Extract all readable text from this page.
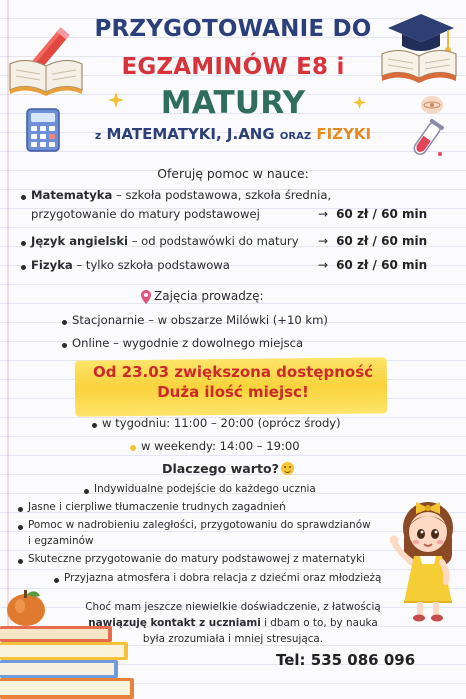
PRZYGOTOWANIE DO
EGZAMINÓW E8 i
MATURY
z MATEMATYKI, J.ANG ORAZ FIZYKI
Oferuję pomoc w nauce:
Matematyka – szkoła podstawowa, szkoła średnia,
przygotowanie do matury podstawowej	→ 60 zł / 60 min
Język angielski – od podstawówki do matury → 60 zł / 60 min
Fizyka – tylko szkoła podstawowa	→ 60 zł / 60 min
Zajęcia prowadzę:
Stacjonarnie – w obszarze Milówki (+10 km)
Online – wygodnie z dowolnego miejsca
Od 23.03 zwiększona dostępność
Duża ilość miejsc!
w tygodniu: 11:00 – 20:00 (oprócz środy)
w weekendy: 14:00 – 19:00
Dlaczego warto?
Indywidualne podejście do każdego ucznia
Jasne i cierpliwe tłumaczenie trudnych zagadnień
Pomoc w nadrobieniu zaległości, przygotowaniu do sprawdzianów
i egzaminów
Skuteczne przygotowanie do matury podstawowej z maternatyki
Przyjazna atmosfera i dobra relacja z dziećmi oraz młodzieżą
Choć mam jeszcze niewielkie doświadczenie, z łatwością
nawiązuję kontakt z uczniami i dbam o to, by nauka
była zrozumiała i mniej stresująca.
Tel: 535 086 096
